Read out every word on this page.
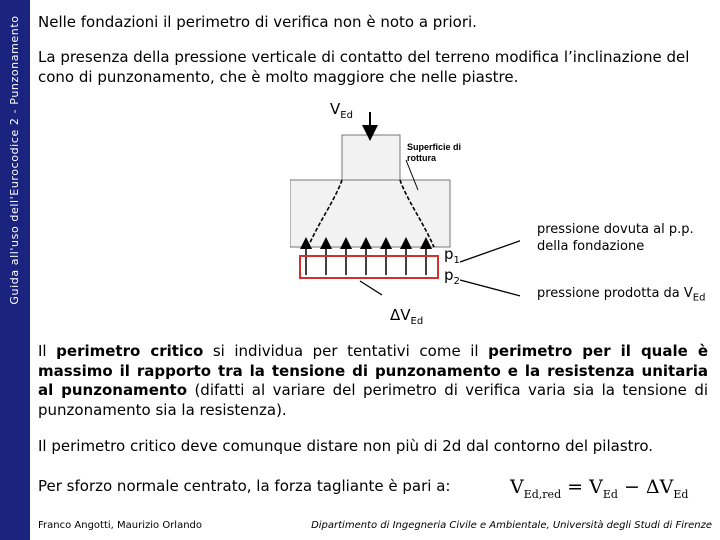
Guida all'uso dell'Eurocodice 2 - Punzonamento Nelle fondazioni il perimetro di verifica non è noto a priori.
La presenza della pressione verticale di contatto del terreno modifica l’inclinazione del cono di punzonamento, che è molto maggiore che nelle piastre.
$V_{Ed}$
Superficie di
rottura
$p_1$
$p_2$
$\Delta V_{Ed}$
pressione dovuta al p.p. della fondazione
pressione prodotta da $V_{Ed}$
Il perimetro critico si individua per tentativi come il perimetro per il quale è massimo il rapporto tra la tensione di punzonamento e la resistenza unitaria al punzonamento (difatti al variare del perimetro di verifica varia sia la tensione di punzonamento sia la resistenza).
Il perimetro critico deve comunque distare non più di 2d dal contorno del pilastro.
Per sforzo normale centrato, la forza tagliante è pari a:	$V_{Ed,red} = V_{Ed} - \Delta V_{Ed}$
Franco Angotti, Maurizio Orlando	Dipartimento di Ingegneria Civile e Ambientale, Università degli Studi di Firenze
